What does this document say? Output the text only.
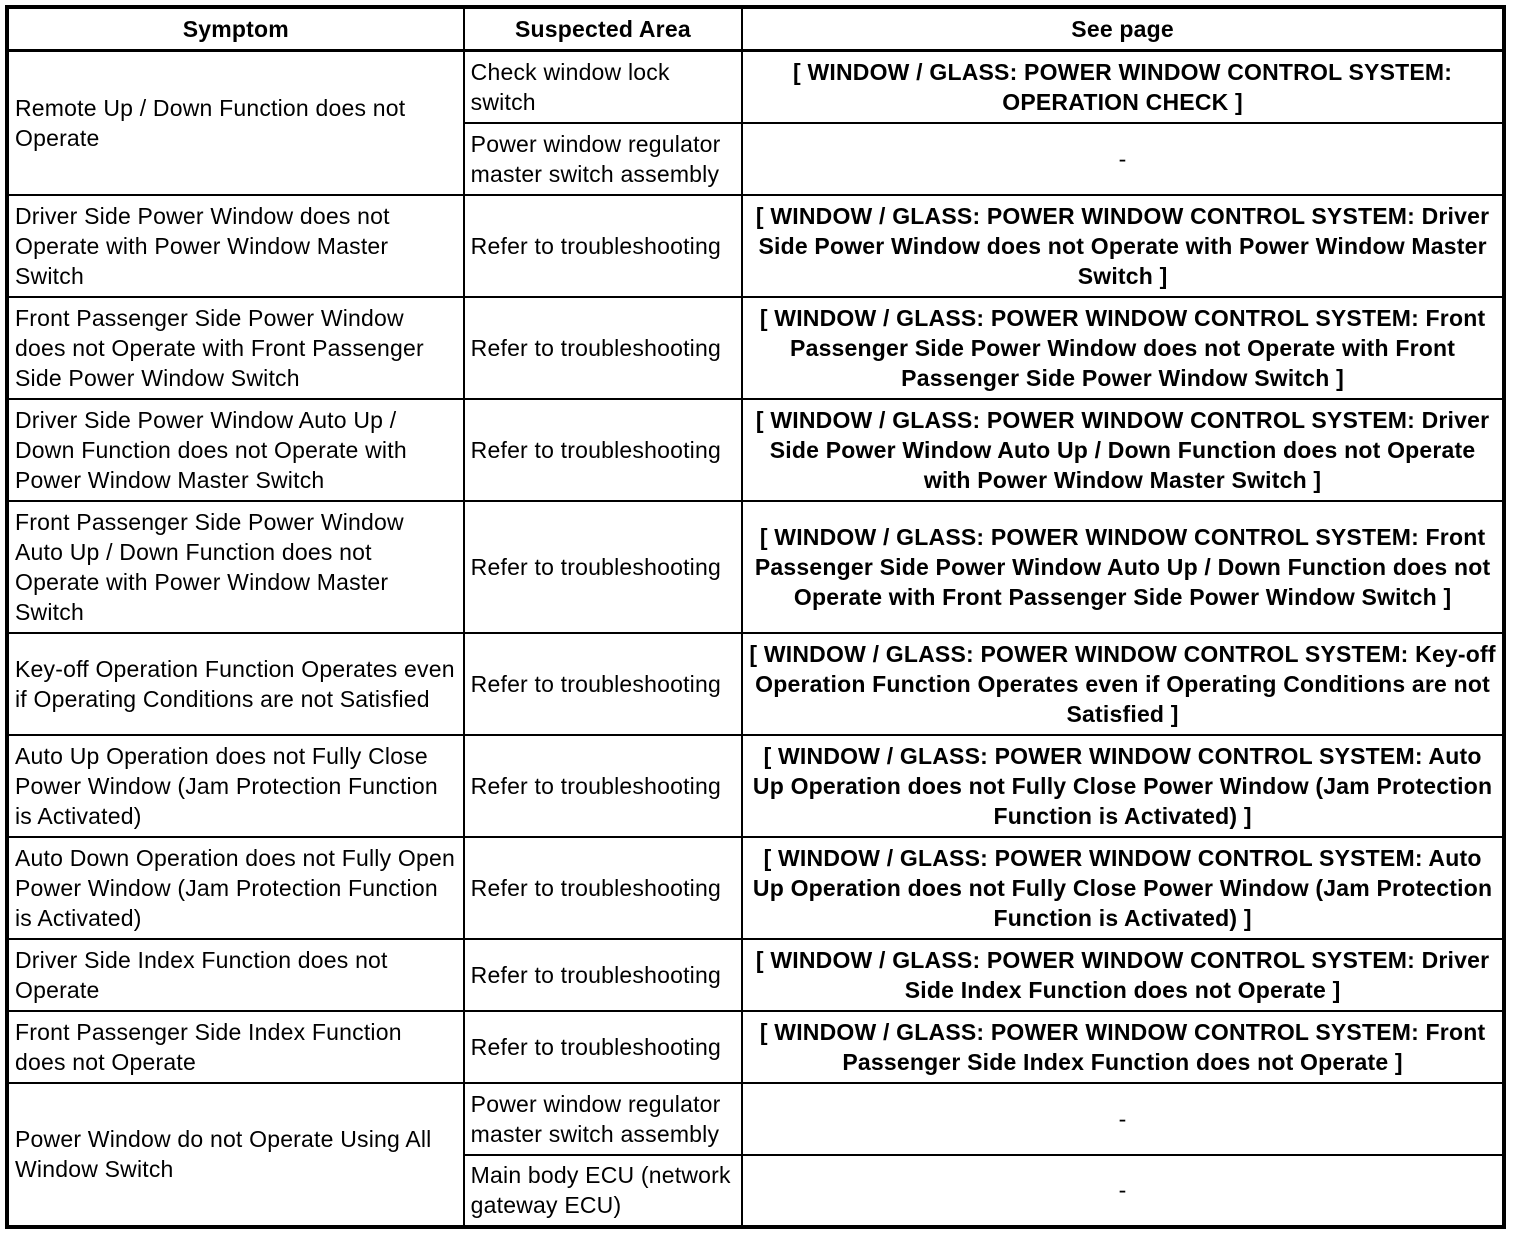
Symptom	Suspected Area	See page
Remote Up / Down Function does not Operate	Check window lock switch	[ WINDOW / GLASS: POWER WINDOW CONTROL SYSTEM: OPERATION CHECK ]
	Power window regulator master switch assembly	-
Driver Side Power Window does not Operate with Power Window Master Switch	Refer to troubleshooting	[ WINDOW / GLASS: POWER WINDOW CONTROL SYSTEM: Driver Side Power Window does not Operate with Power Window Master Switch ]
Front Passenger Side Power Window does not Operate with Front Passenger Side Power Window Switch	Refer to troubleshooting	[ WINDOW / GLASS: POWER WINDOW CONTROL SYSTEM: Front Passenger Side Power Window does not Operate with Front Passenger Side Power Window Switch ]
Driver Side Power Window Auto Up / Down Function does not Operate with Power Window Master Switch	Refer to troubleshooting	[ WINDOW / GLASS: POWER WINDOW CONTROL SYSTEM: Driver Side Power Window Auto Up / Down Function does not Operate with Power Window Master Switch ]
Front Passenger Side Power Window Auto Up / Down Function does not Operate with Power Window Master Switch	Refer to troubleshooting	[ WINDOW / GLASS: POWER WINDOW CONTROL SYSTEM: Front Passenger Side Power Window Auto Up / Down Function does not Operate with Front Passenger Side Power Window Switch ]
Key-off Operation Function Operates even if Operating Conditions are not Satisfied	Refer to troubleshooting	[ WINDOW / GLASS: POWER WINDOW CONTROL SYSTEM: Key-off Operation Function Operates even if Operating Conditions are not Satisfied ]
Auto Up Operation does not Fully Close Power Window (Jam Protection Function is Activated)	Refer to troubleshooting	[ WINDOW / GLASS: POWER WINDOW CONTROL SYSTEM: Auto Up Operation does not Fully Close Power Window (Jam Protection Function is Activated) ]
Auto Down Operation does not Fully Open Power Window (Jam Protection Function is Activated)	Refer to troubleshooting	[ WINDOW / GLASS: POWER WINDOW CONTROL SYSTEM: Auto Up Operation does not Fully Close Power Window (Jam Protection Function is Activated) ]
Driver Side Index Function does not Operate	Refer to troubleshooting	[ WINDOW / GLASS: POWER WINDOW CONTROL SYSTEM: Driver Side Index Function does not Operate ]
Front Passenger Side Index Function does not Operate	Refer to troubleshooting	[ WINDOW / GLASS: POWER WINDOW CONTROL SYSTEM: Front Passenger Side Index Function does not Operate ]
Power Window do not Operate Using All Window Switch	Power window regulator master switch assembly	-
	Main body ECU (network gateway ECU)	-
